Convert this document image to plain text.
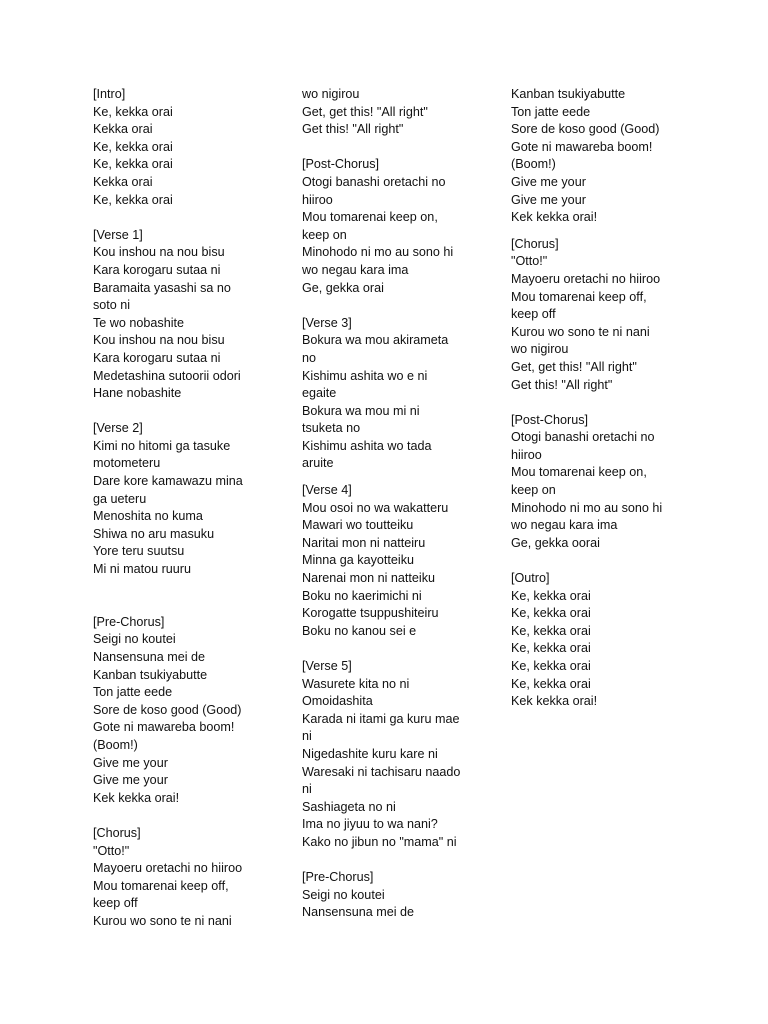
[Intro]
Ke, kekka orai
Kekka orai
Ke, kekka orai
Ke, kekka orai
Kekka orai
Ke, kekka orai
[Verse 1]
Kou inshou na nou bisu
Kara korogaru sutaa ni
Baramaita yasashi sa no
soto ni
Te wo nobashite
Kou inshou na nou bisu
Kara korogaru sutaa ni
Medetashina sutoorii odori
Hane nobashite
[Verse 2]
Kimi no hitomi ga tasuke
motometeru
Dare kore kamawazu mina
ga ueteru
Menoshita no kuma
Shiwa no aru masuku
Yore teru suutsu
Mi ni matou ruuru
[Pre-Chorus]
Seigi no koutei
Nansensuna mei de
Kanban tsukiyabutte
Ton jatte eede
Sore de koso good (Good)
Gote ni mawareba boom!
(Boom!)
Give me your
Give me your
Kek kekka orai!
[Chorus]
"Otto!"
Mayoeru oretachi no hiiroo
Mou tomarenai keep off,
keep off
Kurou wo sono te ni nani
wo nigirou
Get, get this! "All right"
Get this! "All right"
[Post-Chorus]
Otogi banashi oretachi no
hiiroo
Mou tomarenai keep on,
keep on
Minohodo ni mo au sono hi
wo negau kara ima
Ge, gekka orai
[Verse 3]
Bokura wa mou akirameta
no
Kishimu ashita wo e ni
egaite
Bokura wa mou mi ni
tsuketa no
Kishimu ashita wo tada
aruite
[Verse 4]
Mou osoi no wa wakatteru
Mawari wo toutteiku
Naritai mon ni natteiru
Minna ga kayotteiku
Narenai mon ni natteiku
Boku no kaerimichi ni
Korogatte tsuppushiteiru
Boku no kanou sei e
[Verse 5]
Wasurete kita no ni
Omoidashita
Karada ni itami ga kuru mae
ni
Nigedashite kuru kare ni
Waresaki ni tachisaru naado
ni
Sashiageta no ni
Ima no jiyuu to wa nani?
Kako no jibun no "mama" ni
[Pre-Chorus]
Seigi no koutei
Nansensuna mei de
Kanban tsukiyabutte
Ton jatte eede
Sore de koso good (Good)
Gote ni mawareba boom!
(Boom!)
Give me your
Give me your
Kek kekka orai!
[Chorus]
"Otto!"
Mayoeru oretachi no hiiroo
Mou tomarenai keep off,
keep off
Kurou wo sono te ni nani
wo nigirou
Get, get this! "All right"
Get this! "All right"
[Post-Chorus]
Otogi banashi oretachi no
hiiroo
Mou tomarenai keep on,
keep on
Minohodo ni mo au sono hi
wo negau kara ima
Ge, gekka oorai
[Outro]
Ke, kekka orai
Ke, kekka orai
Ke, kekka orai
Ke, kekka orai
Ke, kekka orai
Ke, kekka orai
Kek kekka orai!
